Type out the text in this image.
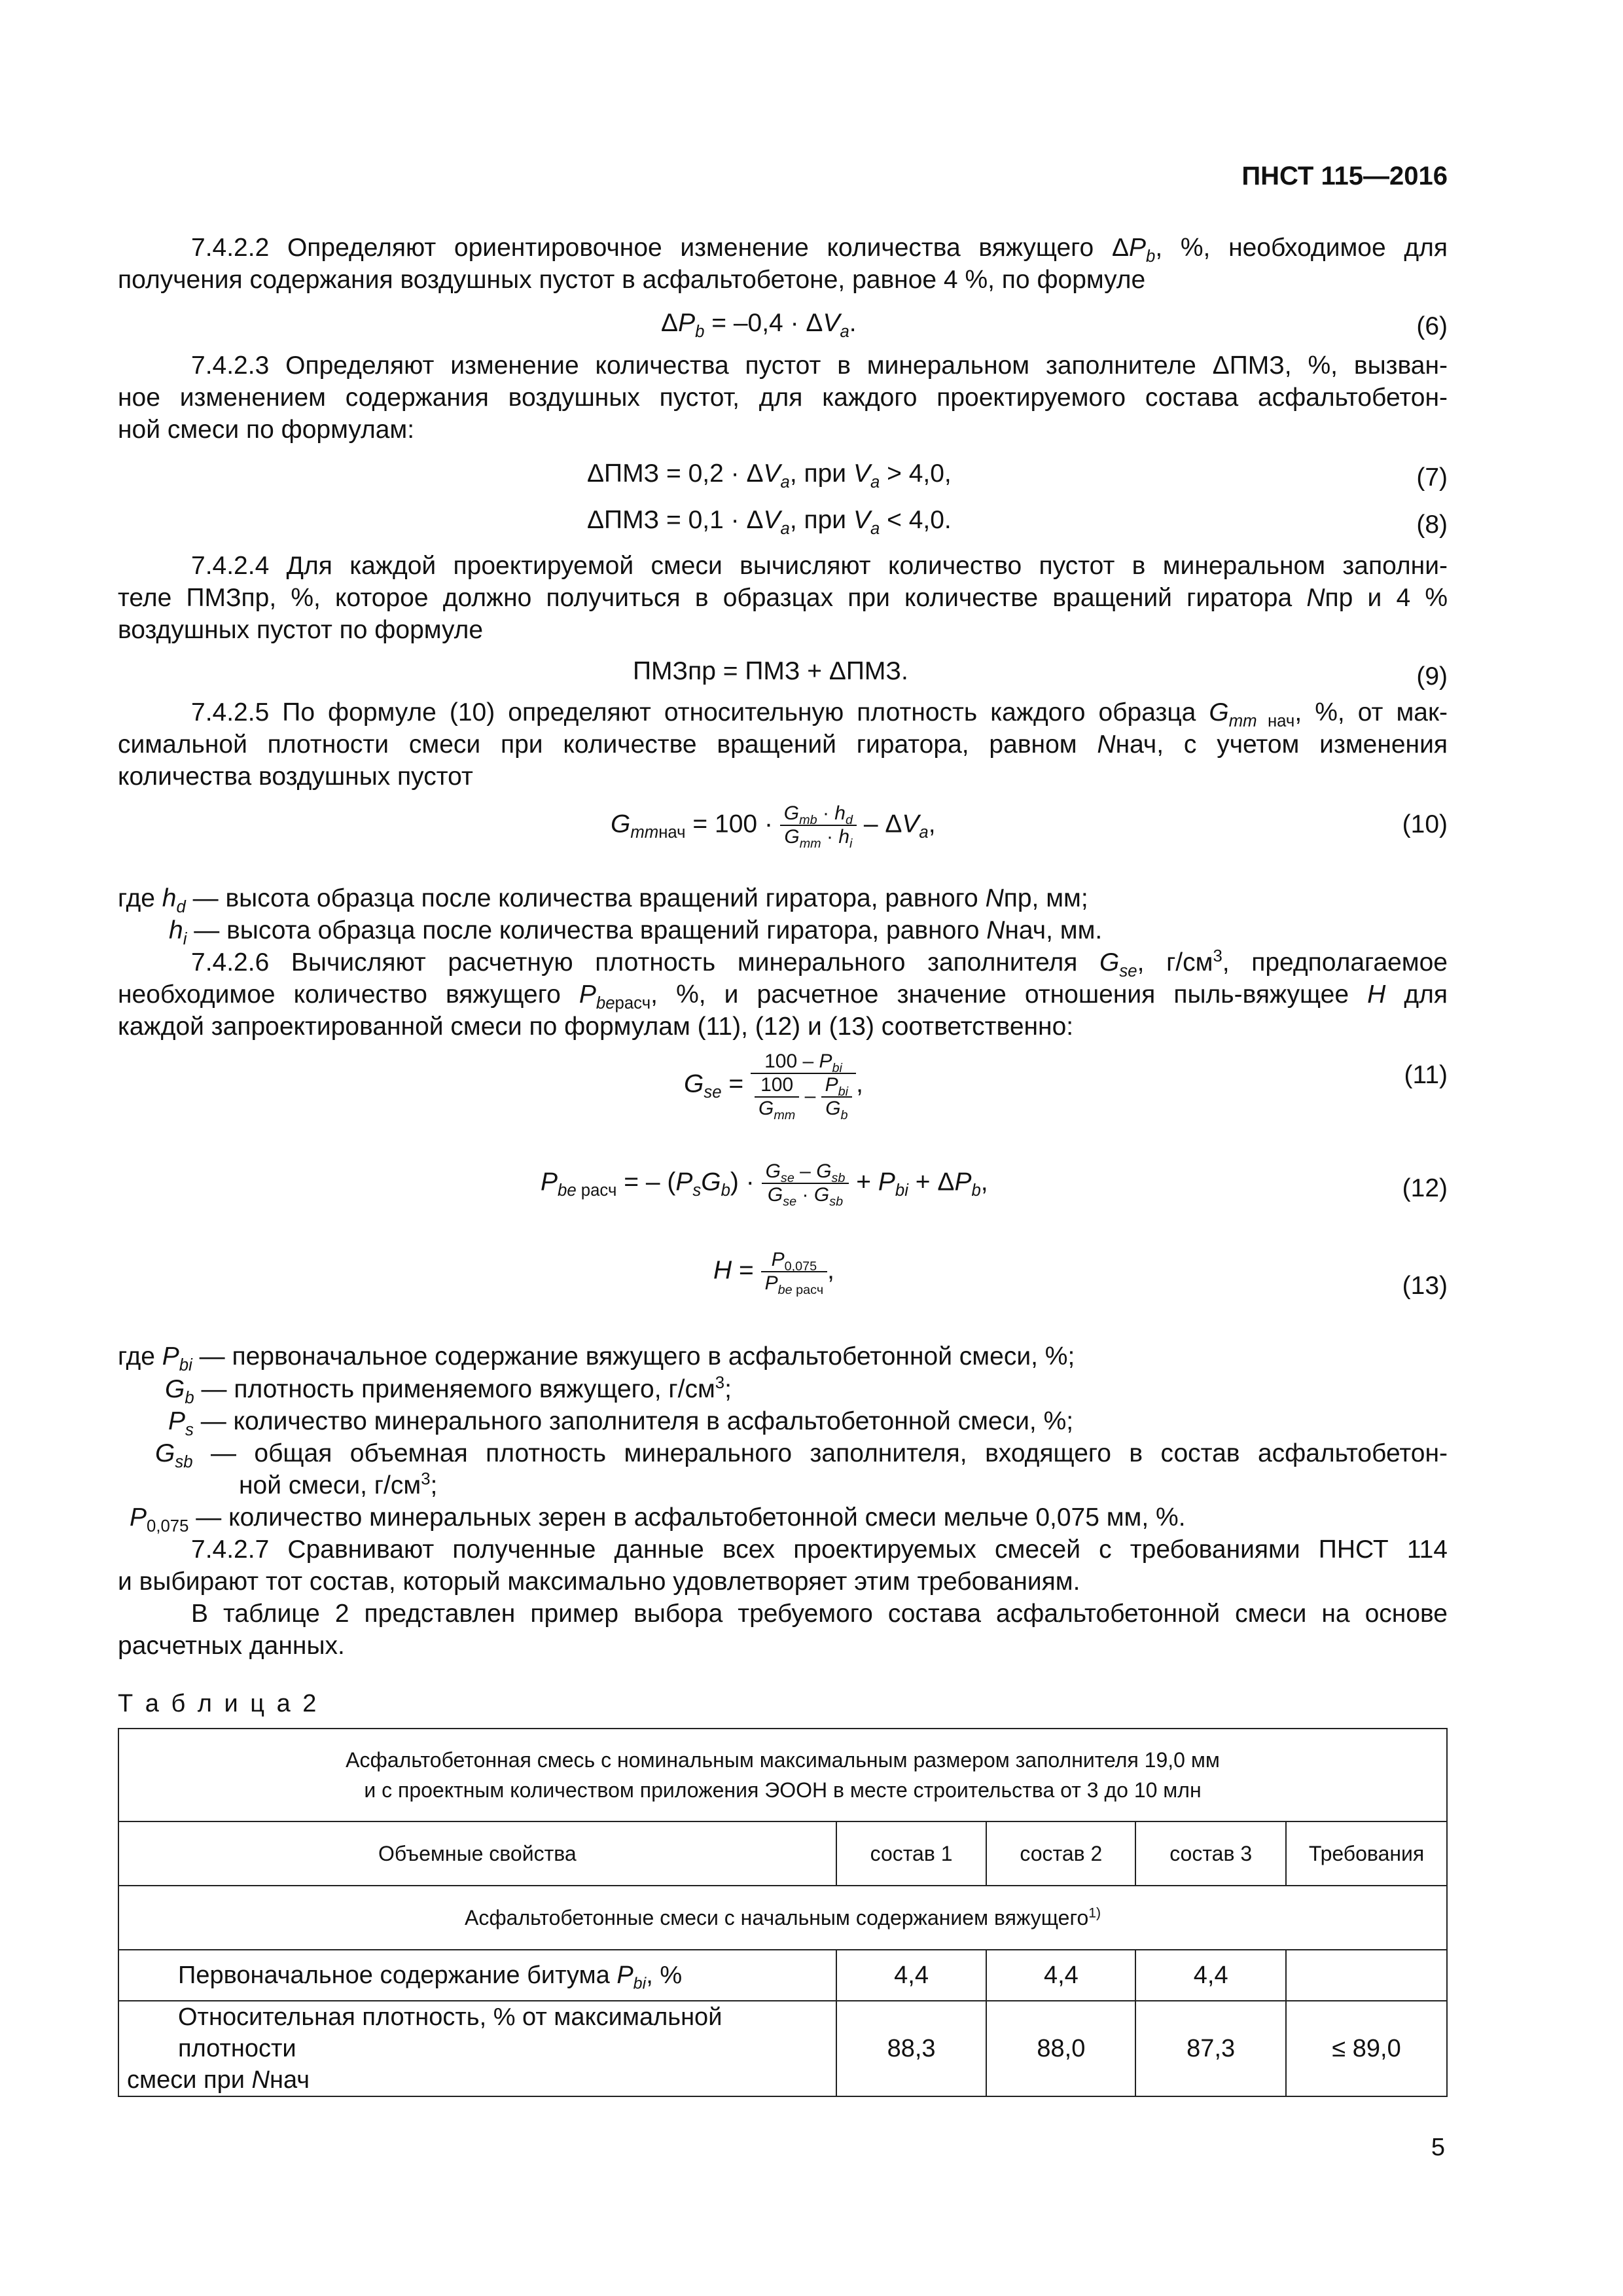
ПНСТ 115—2016
7.4.2.2 Определяют ориентировочное изменение количества вяжущего $\Delta P_b$, %, необходимое для
получения содержания воздушных пустот в асфальтобетоне, равное 4 %, по формуле
$\Delta P_b = -0,4 \cdot \Delta V_a$.	(6)
7.4.2.3 Определяют изменение количества пустот в минеральном заполнителе ΔПМЗ, %, вызван-
ное изменением содержания воздушных пустот, для каждого проектируемого состава асфальтобетон-
ной смеси по формулам:
$\Delta ПМЗ = 0,2 \cdot \Delta V_a$, при $V_a > 4,0$,	(7)
$\Delta ПМЗ = 0,1 \cdot \Delta V_a$, при $V_a < 4,0$.	(8)
7.4.2.4 Для каждой проектируемой смеси вычисляют количество пустот в минеральном заполни-
теле ПМЗпр, %, которое должно получиться в образцах при количестве вращений гиратора Nпр и 4 %
воздушных пустот по формуле
ПМЗпр = ПМЗ + ΔПМЗ.	(9)
7.4.2.5 По формуле (10) определяют относительную плотность каждого образца $G_{mm нач}$, %, от мак-
симальной плотности смеси при количестве вращений гиратора, равном Nнач, с учетом изменения
количества воздушных пустот
$G_{mmнач} = 100 \cdot \frac{G_{mb} \cdot h_d}{G_{mm} \cdot h_i} - \Delta V_a$,	(10)
где $h_d$ — высота образца после количества вращений гиратора, равного Nпр, мм;
$h_i$ — высота образца после количества вращений гиратора, равного Nнач, мм.
7.4.2.6 Вычисляют расчетную плотность минерального заполнителя $G_{se}$, $г/см^3$, предполагаемое
необходимое количество вяжущего $P_{beрасч}$, %, и расчетное значение отношения пыль-вяжущее H для
каждой запроектированной смеси по формулам (11), (12) и (13) соответственно:
$G_{se} = \frac{100 - P_{bi}}{\frac{100}{G_{mm}} - \frac{P_{bi}}{G_b}}$ ,	(11)
$P_{be расч}$ = – $(P_sG_b) \cdot \frac{G_{se} - G_{sb}}{G_{se} \cdot G_{sb}} + P_{bi} + \Delta P_b$,	(12)
$H = \frac{P_{0,075}}{P_{be расч}}$ ,
(13)
где $P_{bi}$ — первоначальное содержание вяжущего в асфальтобетонной смеси, %;
$G_b$ — плотность применяемого вяжущего, $г/см^3$;
$P_s$ — количество минерального заполнителя в асфальтобетонной смеси, %;
$G_{sb}$ — общая объемная плотность минерального заполнителя, входящего в состав асфальтобетон-
ной смеси, $г/см^3$;
$P_{0,075}$ — количество минеральных зерен в асфальтобетонной смеси мельче 0,075 мм, %.
7.4.2.7 Сравнивают полученные данные всех проектируемых смесей с требованиями ПНСТ 114
и выбирают тот состав, который максимально удовлетворяет этим требованиям.
В таблице 2 представлен пример выбора требуемого состава асфальтобетонной смеси на основе
расчетных данных.
Т а б л и ц а 2
Асфальтобетонная смесь с номинальным максимальным размером заполнителя 19,0 мм
и с проектным количеством приложения ЭООН в месте строительства от 3 до 10 млн				

Объемные свойства	состав 1	состав 2	состав 3	Требования
Асфальтобетонные смеси с начальным содержанием вяжущего$^{1)}$
Первоначальное содержание битума $P_{bi}$, %	4,4	4,4	4,4	

Относительная плотность, % от максимальной плотности
смеси при Nнач	88,3	88,0	87,3	≤ 89,0
5
